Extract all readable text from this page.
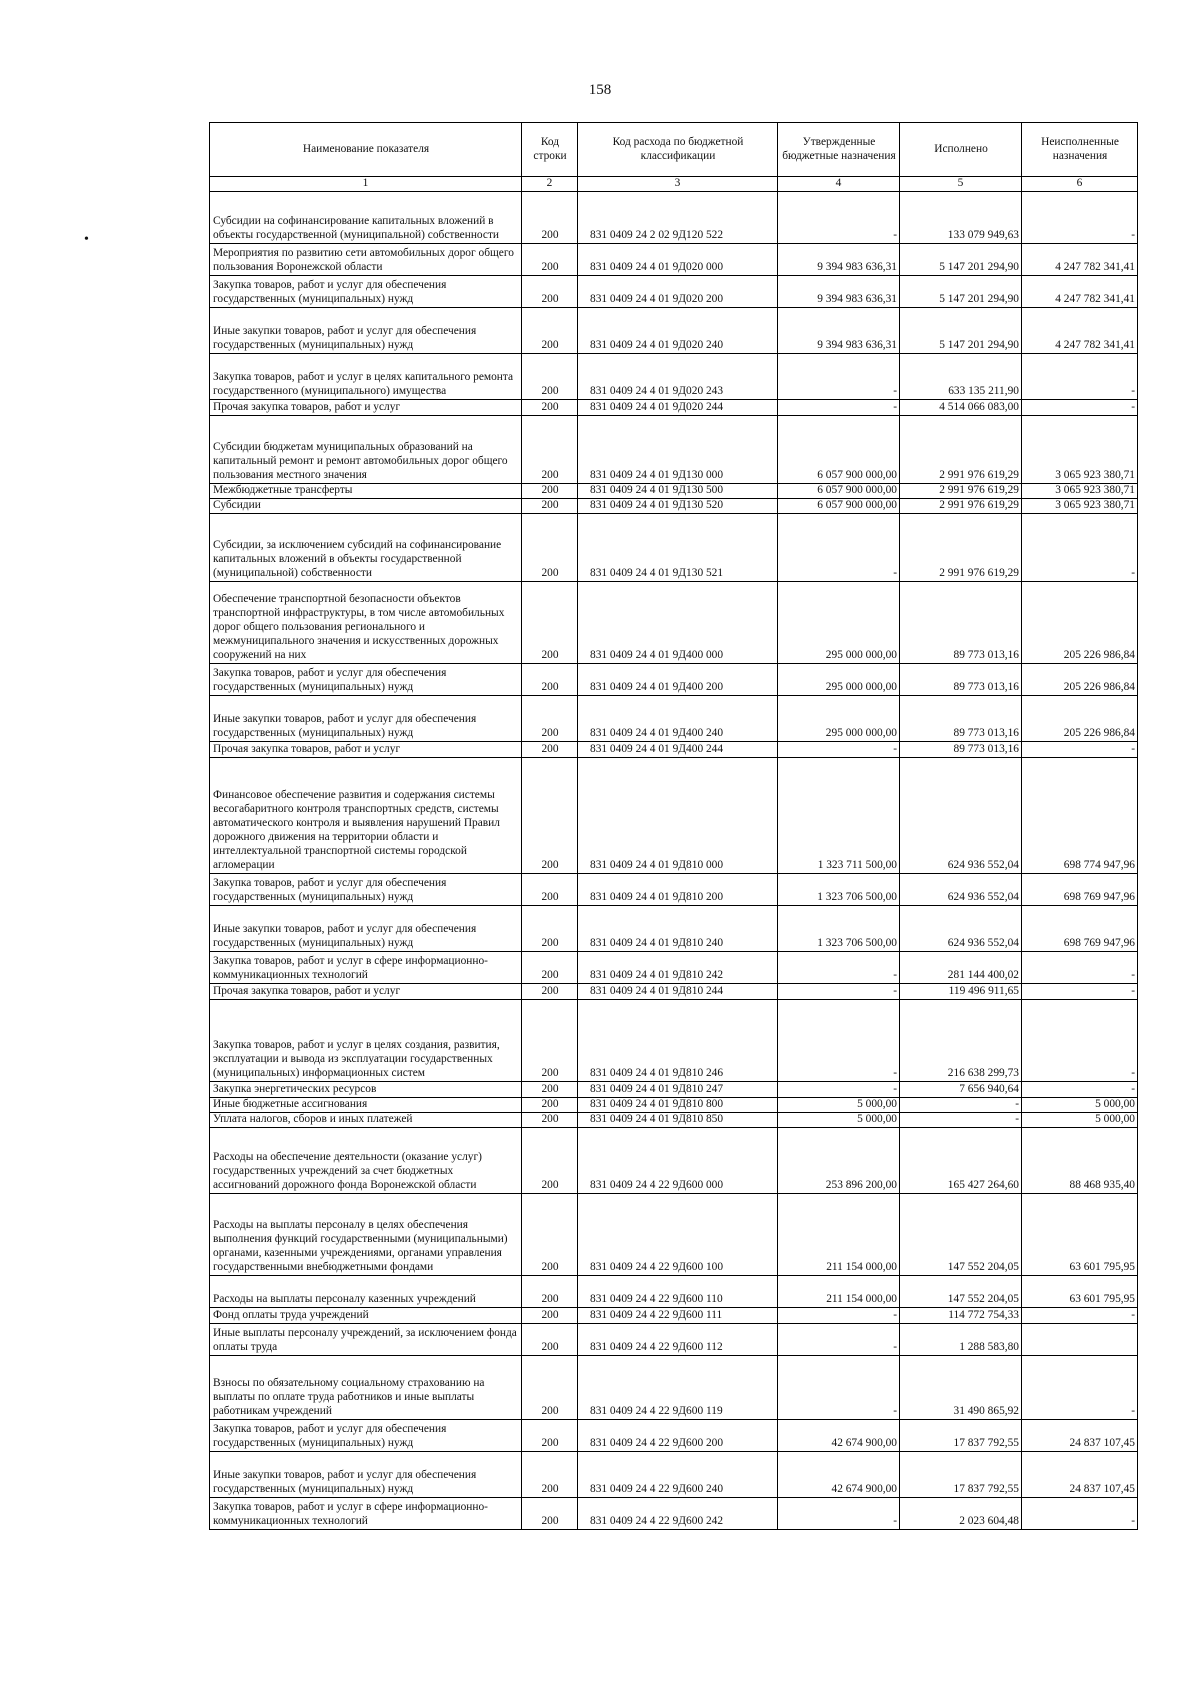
158
•
Наименование показателя	Код строки	Код расхода по бюджетной классификации	Утвержденные бюджетные назначения	Исполнено	Неисполненные назначения
1	2	3	4	5	6
Субсидии на софинансирование капитальных вложений в объекты государственной (муниципальной) собственности	200	831 0409 24 2 02 9Д120 522	-	133 079 949,63	-
Мероприятия по развитию сети автомобильных дорог общего пользования Воронежской области	200	831 0409 24 4 01 9Д020 000	9 394 983 636,31	5 147 201 294,90	4 247 782 341,41
Закупка товаров, работ и услуг для обеспечения государственных (муниципальных) нужд	200	831 0409 24 4 01 9Д020 200	9 394 983 636,31	5 147 201 294,90	4 247 782 341,41
Иные закупки товаров, работ и услуг для обеспечения государственных (муниципальных) нужд	200	831 0409 24 4 01 9Д020 240	9 394 983 636,31	5 147 201 294,90	4 247 782 341,41
Закупка товаров, работ и услуг в целях капитального ремонта государственного (муниципального) имущества	200	831 0409 24 4 01 9Д020 243	-	633 135 211,90	-
Прочая закупка товаров, работ и услуг	200	831 0409 24 4 01 9Д020 244	-	4 514 066 083,00	-
Субсидии бюджетам муниципальных образований на капитальный ремонт и ремонт автомобильных дорог общего пользования местного значения	200	831 0409 24 4 01 9Д130 000	6 057 900 000,00	2 991 976 619,29	3 065 923 380,71
Межбюджетные трансферты	200	831 0409 24 4 01 9Д130 500	6 057 900 000,00	2 991 976 619,29	3 065 923 380,71
Субсидии	200	831 0409 24 4 01 9Д130 520	6 057 900 000,00	2 991 976 619,29	3 065 923 380,71
Субсидии, за исключением субсидий на софинансирование капитальных вложений в объекты государственной (муниципальной) собственности	200	831 0409 24 4 01 9Д130 521	-	2 991 976 619,29	-
Обеспечение транспортной безопасности объектов транспортной инфраструктуры, в том числе автомобильных дорог общего пользования регионального и межмуниципального значения и искусственных дорожных сооружений на них	200	831 0409 24 4 01 9Д400 000	295 000 000,00	89 773 013,16	205 226 986,84
Закупка товаров, работ и услуг для обеспечения государственных (муниципальных) нужд	200	831 0409 24 4 01 9Д400 200	295 000 000,00	89 773 013,16	205 226 986,84
Иные закупки товаров, работ и услуг для обеспечения государственных (муниципальных) нужд	200	831 0409 24 4 01 9Д400 240	295 000 000,00	89 773 013,16	205 226 986,84
Прочая закупка товаров, работ и услуг	200	831 0409 24 4 01 9Д400 244	-	89 773 013,16	-
Финансовое обеспечение развития и содержания системы весогабаритного контроля транспортных средств, системы автоматического контроля и выявления нарушений Правил дорожного движения на территории области и интеллектуальной транспортной системы городской агломерации	200	831 0409 24 4 01 9Д810 000	1 323 711 500,00	624 936 552,04	698 774 947,96
Закупка товаров, работ и услуг для обеспечения государственных (муниципальных) нужд	200	831 0409 24 4 01 9Д810 200	1 323 706 500,00	624 936 552,04	698 769 947,96
Иные закупки товаров, работ и услуг для обеспечения государственных (муниципальных) нужд	200	831 0409 24 4 01 9Д810 240	1 323 706 500,00	624 936 552,04	698 769 947,96
Закупка товаров, работ и услуг в сфере информационно-коммуникационных технологий	200	831 0409 24 4 01 9Д810 242	-	281 144 400,02	-
Прочая закупка товаров, работ и услуг	200	831 0409 24 4 01 9Д810 244	-	119 496 911,65	-
Закупка товаров, работ и услуг в целях создания, развития, эксплуатации и вывода из эксплуатации государственных (муниципальных) информационных систем	200	831 0409 24 4 01 9Д810 246	-	216 638 299,73	-
Закупка энергетических ресурсов	200	831 0409 24 4 01 9Д810 247	-	7 656 940,64	-
Иные бюджетные ассигнования	200	831 0409 24 4 01 9Д810 800	5 000,00	-	5 000,00
Уплата налогов, сборов и иных платежей	200	831 0409 24 4 01 9Д810 850	5 000,00	-	5 000,00
Расходы на обеспечение деятельности (оказание услуг) государственных учреждений за счет бюджетных ассигнований дорожного фонда Воронежской области	200	831 0409 24 4 22 9Д600 000	253 896 200,00	165 427 264,60	88 468 935,40
Расходы на выплаты персоналу в целях обеспечения выполнения функций государственными (муниципальными) органами, казенными учреждениями, органами управления государственными внебюджетными фондами	200	831 0409 24 4 22 9Д600 100	211 154 000,00	147 552 204,05	63 601 795,95
Расходы на выплаты персоналу казенных учреждений	200	831 0409 24 4 22 9Д600 110	211 154 000,00	147 552 204,05	63 601 795,95
Фонд оплаты труда учреждений	200	831 0409 24 4 22 9Д600 111	-	114 772 754,33	-
Иные выплаты персоналу учреждений, за исключением фонда оплаты труда	200	831 0409 24 4 22 9Д600 112	-	1 288 583,80	
Взносы по обязательному социальному страхованию на выплаты по оплате труда работников и иные выплаты работникам учреждений	200	831 0409 24 4 22 9Д600 119	-	31 490 865,92	-
Закупка товаров, работ и услуг для обеспечения государственных (муниципальных) нужд	200	831 0409 24 4 22 9Д600 200	42 674 900,00	17 837 792,55	24 837 107,45
Иные закупки товаров, работ и услуг для обеспечения государственных (муниципальных) нужд	200	831 0409 24 4 22 9Д600 240	42 674 900,00	17 837 792,55	24 837 107,45
Закупка товаров, работ и услуг в сфере информационно-коммуникационных технологий	200	831 0409 24 4 22 9Д600 242	-	2 023 604,48	-
